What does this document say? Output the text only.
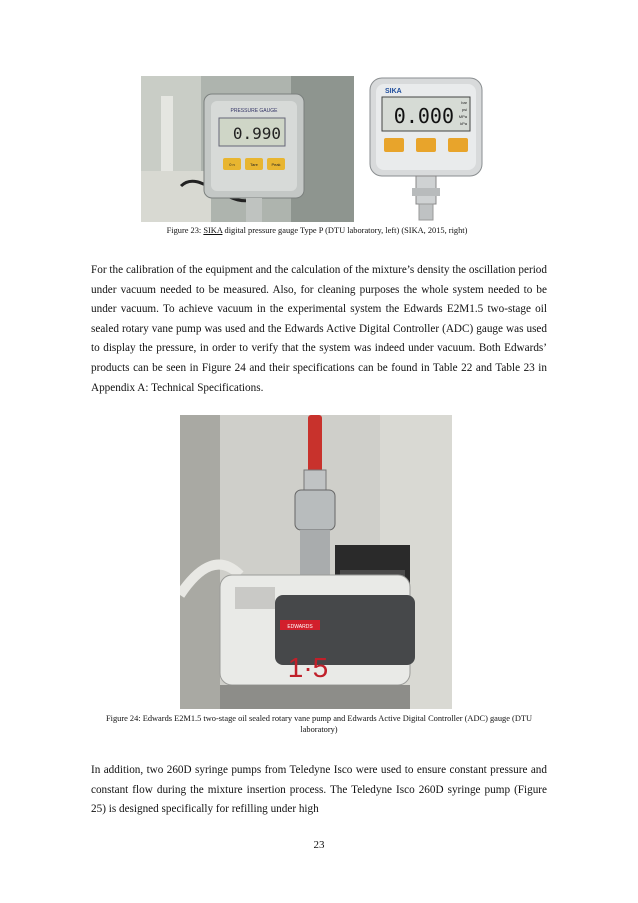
PRESSURE GAUGE
0.990
0 n	Tare	Peak
SIKA
0.000
bar
psi
MPa
kPa
Figure 23: SIKA digital pressure gauge Type P (DTU laboratory, left) (SIKA, 2015, right)
For the calibration of the equipment and the calculation of the mixture’s density the oscillation period under vacuum needed to be measured. Also, for cleaning purposes the whole system needed to be under vacuum. To achieve vacuum in the experimental system the Edwards E2M1.5 two-stage oil sealed rotary vane pump was used and the Edwards Active Digital Controller (ADC) gauge was used to display the pressure, in order to verify that the system was indeed under vacuum. Both Edwards’ products can be seen in Figure 24 and their specifications can be found in Table 22 and Table 23 in Appendix A: Technical Specifications.
EDWARDS
1·5
Figure 24: Edwards E2M1.5 two-stage oil sealed rotary vane pump and Edwards Active Digital Controller (ADC) gauge (DTU laboratory)
In addition, two 260D syringe pumps from Teledyne Isco were used to ensure constant pressure and constant flow during the mixture insertion process. The Teledyne Isco 260D syringe pump (Figure 25) is designed specifically for refilling under high
23
